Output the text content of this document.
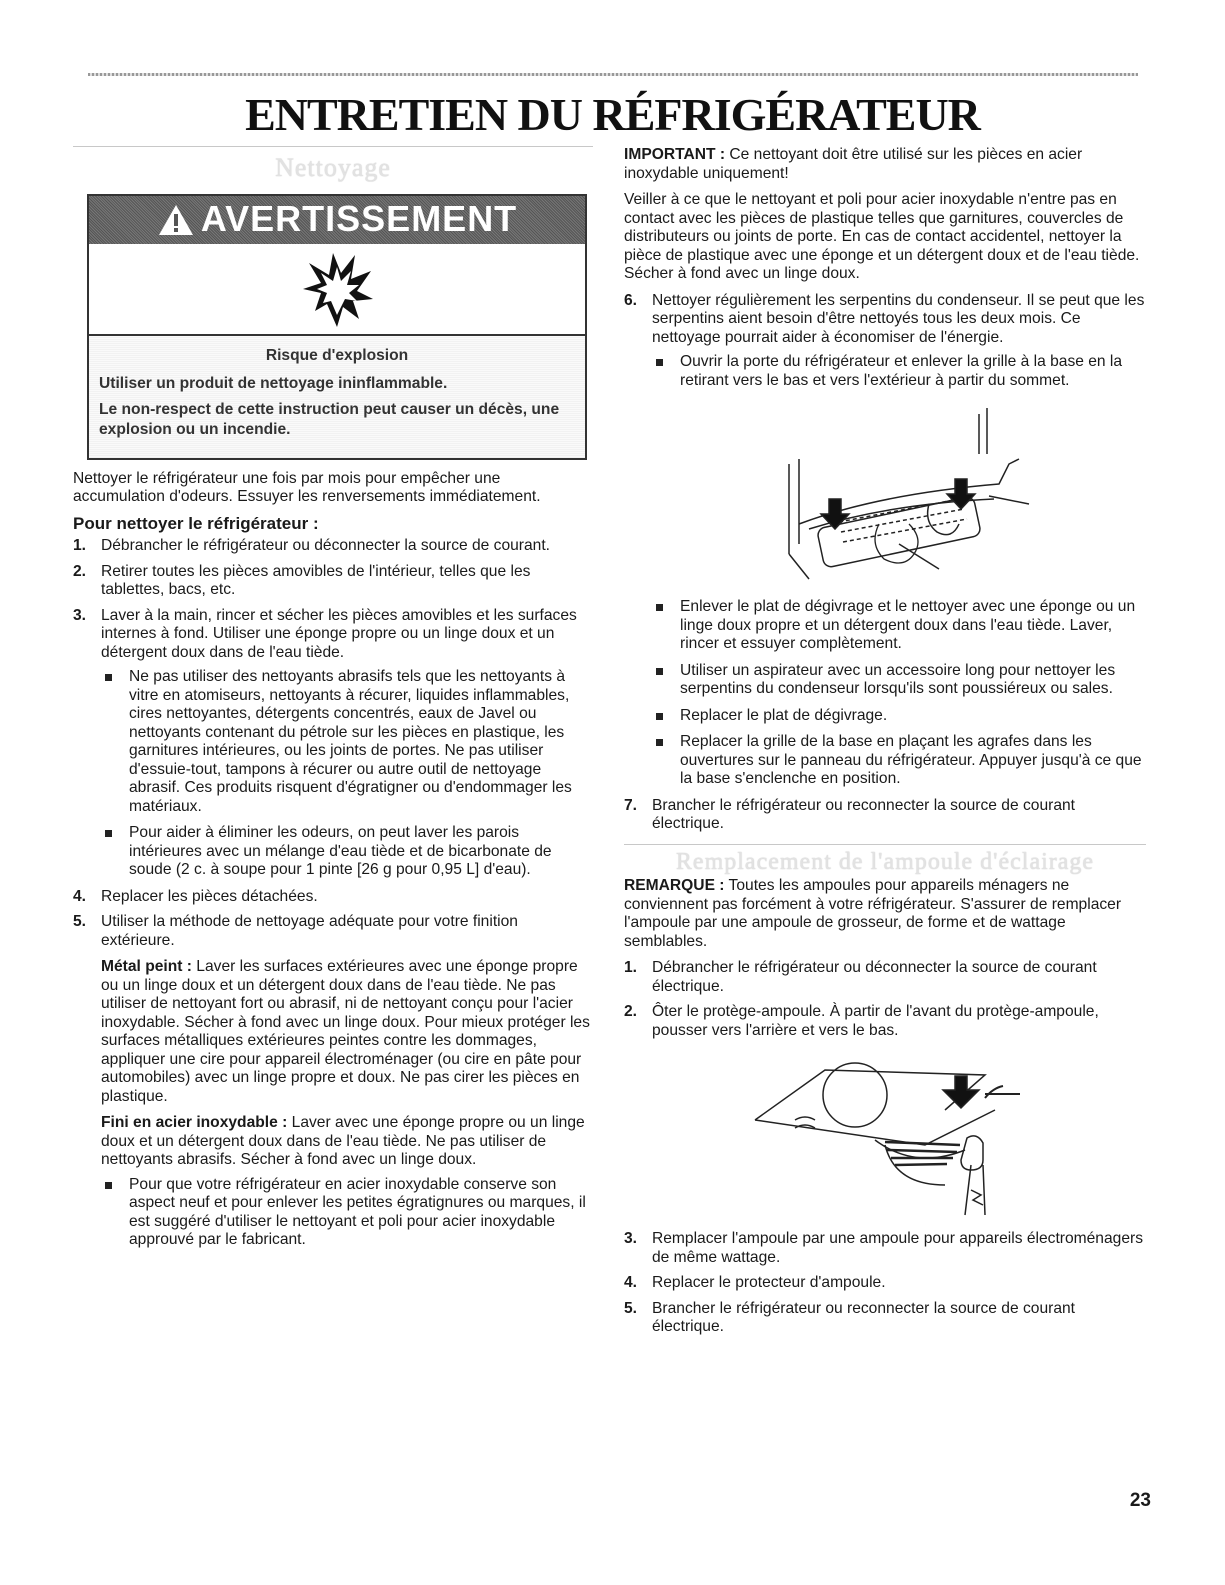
ENTRETIEN DU RÉFRIGÉRATEUR
Nettoyage
AVERTISSEMENT
Risque d'explosion

Utiliser un produit de nettoyage ininflammable.

Le non-respect de cette instruction peut causer un décès, une explosion ou un incendie.

Nettoyer le réfrigérateur une fois par mois pour empêcher une accumulation d'odeurs. Essuyer les renversements immédiatement.

Pour nettoyer le réfrigérateur :
1. Débrancher le réfrigérateur ou déconnecter la source de courant.
2. Retirer toutes les pièces amovibles de l'intérieur, telles que les tablettes, bacs, etc.
3. Laver à la main, rincer et sécher les pièces amovibles et les surfaces internes à fond. Utiliser une éponge propre ou un linge doux et un détergent doux dans de l'eau tiède.
Ne pas utiliser des nettoyants abrasifs tels que les nettoyants à vitre en atomiseurs, nettoyants à récurer, liquides inflammables, cires nettoyantes, détergents concentrés, eaux de Javel ou nettoyants contenant du pétrole sur les pièces en plastique, les garnitures intérieures, ou les joints de portes. Ne pas utiliser d'essuie-tout, tampons à récurer ou autre outil de nettoyage abrasif. Ces produits risquent d'égratigner ou d'endommager les matériaux.
Pour aider à éliminer les odeurs, on peut laver les parois intérieures avec un mélange d'eau tiède et de bicarbonate de soude (2 c. à soupe pour 1 pinte [26 g pour 0,95 L] d'eau).
4. Replacer les pièces détachées.
5. Utiliser la méthode de nettoyage adéquate pour votre finition extérieure.

Métal peint : Laver les surfaces extérieures avec une éponge propre ou un linge doux et un détergent doux dans de l'eau tiède. Ne pas utiliser de nettoyant fort ou abrasif, ni de nettoyant conçu pour l'acier inoxydable. Sécher à fond avec un linge doux. Pour mieux protéger les surfaces métalliques extérieures peintes contre les dommages, appliquer une cire pour appareil électroménager (ou cire en pâte pour automobiles) avec un linge propre et doux. Ne pas cirer les pièces en plastique.

Fini en acier inoxydable : Laver avec une éponge propre ou un linge doux et un détergent doux dans de l'eau tiède. Ne pas utiliser de nettoyants abrasifs. Sécher à fond avec un linge doux.

Pour que votre réfrigérateur en acier inoxydable conserve son aspect neuf et pour enlever les petites égratignures ou marques, il est suggéré d'utiliser le nettoyant et poli pour acier inoxydable approuvé par le fabricant.

IMPORTANT : Ce nettoyant doit être utilisé sur les pièces en acier inoxydable uniquement!

Veiller à ce que le nettoyant et poli pour acier inoxydable n'entre pas en contact avec les pièces de plastique telles que garnitures, couvercles de distributeurs ou joints de porte. En cas de contact accidentel, nettoyer la pièce de plastique avec une éponge et un détergent doux et de l'eau tiède. Sécher à fond avec un linge doux.

6. Nettoyer régulièrement les serpentins du condenseur. Il se peut que les serpentins aient besoin d'être nettoyés tous les deux mois. Ce nettoyage pourrait aider à économiser de l'énergie.
Ouvrir la porte du réfrigérateur et enlever la grille à la base en la retirant vers le bas et vers l'extérieur à partir du sommet.
Enlever le plat de dégivrage et le nettoyer avec une éponge ou un linge doux propre et un détergent doux dans l'eau tiède. Laver, rincer et essuyer complètement.
Utiliser un aspirateur avec un accessoire long pour nettoyer les serpentins du condenseur lorsqu'ils sont poussiéreux ou sales.
Replacer le plat de dégivrage.
Replacer la grille de la base en plaçant les agrafes dans les ouvertures sur le panneau du réfrigérateur. Appuyer jusqu'à ce que la base s'enclenche en position.
7. Brancher le réfrigérateur ou reconnecter la source de courant électrique.
Remplacement de l'ampoule d'éclairage

REMARQUE : Toutes les ampoules pour appareils ménagers ne conviennent pas forcément à votre réfrigérateur. S'assurer de remplacer l'ampoule par une ampoule de grosseur, de forme et de wattage semblables.

1. Débrancher le réfrigérateur ou déconnecter la source de courant électrique.
2. Ôter le protège-ampoule. À partir de l'avant du protège-ampoule, pousser vers l'arrière et vers le bas.
3. Remplacer l'ampoule par une ampoule pour appareils électroménagers de même wattage.
4. Replacer le protecteur d'ampoule.
5. Brancher le réfrigérateur ou reconnecter la source de courant électrique.
23
